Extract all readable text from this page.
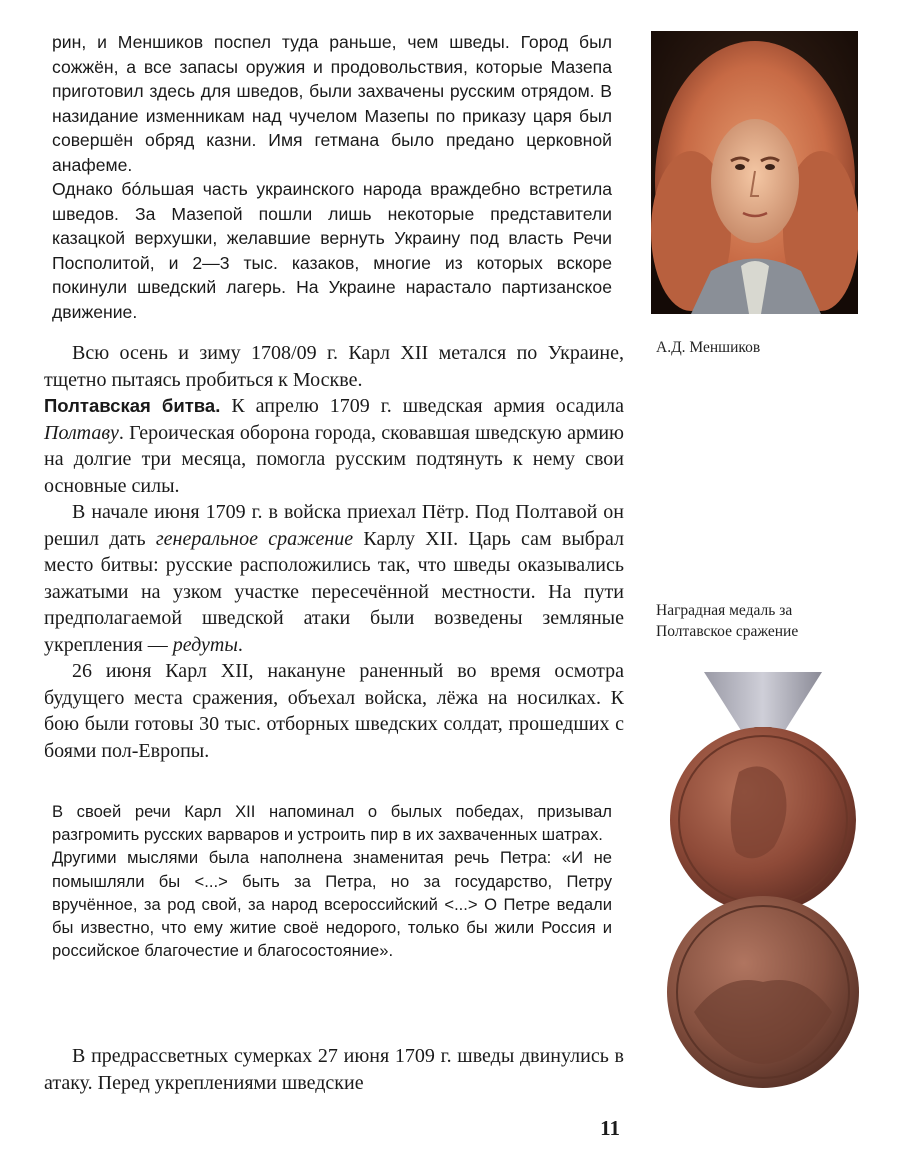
рин, и Меншиков поспел туда раньше, чем шведы. Город был сожжён, а все запасы оружия и продовольствия, которые Мазепа приготовил здесь для шведов, были захвачены русским отрядом. В назидание изменникам над чучелом Мазепы по приказу царя был совершён обряд казни. Имя гетмана было предано церковной анафеме.

Однако бóльшая часть украинского народа враждебно встретила шведов. За Мазепой пошли лишь некоторые представители казацкой верхушки, желавшие вернуть Украину под власть Речи Посполитой, и 2—3 тыс. казаков, многие из которых вскоре покинули шведский лагерь. На Украине нарастало партизанское движение.

А.Д. Меншиков

Всю осень и зиму 1708/09 г. Карл XII метался по Украине, тщетно пытаясь пробиться к Москве.

Полтавская битва. К апрелю 1709 г. шведская армия осадила Полтаву. Героическая оборона города, сковавшая шведскую армию на долгие три месяца, помогла русским подтянуть к нему свои основные силы.

В начале июня 1709 г. в войска приехал Пётр. Под Полтавой он решил дать генеральное сражение Карлу XII. Царь сам выбрал место битвы: русские расположились так, что шведы оказывались зажатыми на узком участке пересечённой местности. На пути предполагаемой шведской атаки были возведены земляные укрепления — редуты.

26 июня Карл XII, накануне раненный во время осмотра будущего места сражения, объехал войска, лёжа на носилках. К бою были готовы 30 тыс. отборных шведских солдат, прошедших с боями пол-Европы.

Наградная медаль за Полтавское сражение

В своей речи Карл XII напоминал о былых победах, призывал разгромить русских варваров и устроить пир в их захваченных шатрах.

Другими мыслями была наполнена знаменитая речь Петра: «И не помышляли бы <...> быть за Петра, но за государство, Петру вручённое, за род свой, за народ всероссийский <...> О Петре ведали бы известно, что ему житие своё недорого, только бы жили Россия и российское благочестие и благосостояние».

В предрассветных сумерках 27 июня 1709 г. шведы двинулись в атаку. Перед укреплениями шведские

11
